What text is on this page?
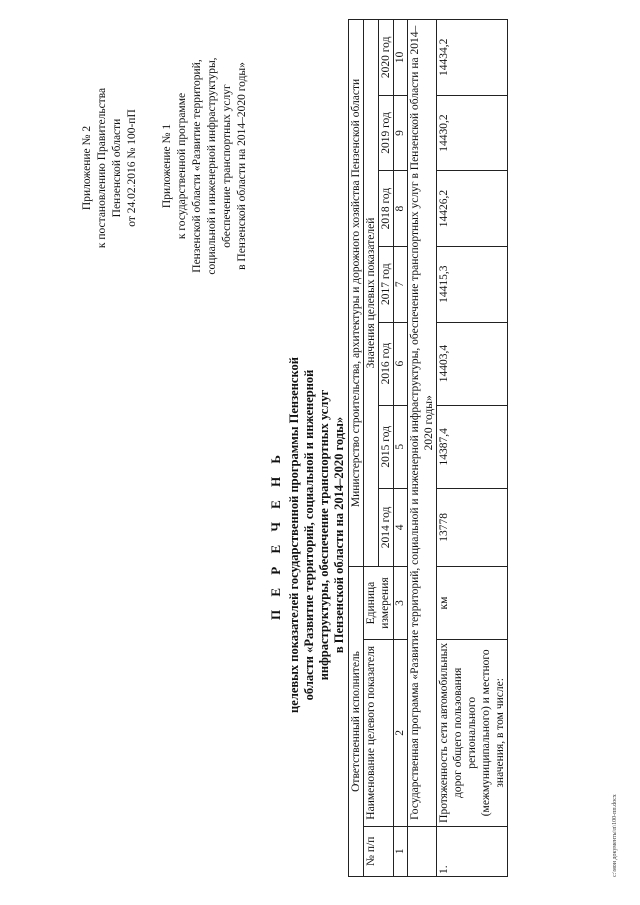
Приложение № 2 к постановлению Правительства Пензенской области от 24.02.2016 № 100-пП Приложение № 1 к государственной программе Пензенской области «Развитие территорий, социальной и инженерной инфраструктуры, обеспечение транспортных услуг в Пензенской области на 2014–2020 годы»
П Е Р Е Ч Е Н Ь целевых показателей государственной программы Пензенской области «Развитие территорий, социальной и инженерной инфраструктуры, обеспечение транспортных услуг в Пензенской области на 2014–2020 годы»
Ответственный исполнитель			Министерство строительства, архитектуры и дорожного хозяйства Пензенской области						
№ п/п	Наименование целевого показателя	Единица измерения	Значения целевых показателей						
			2014 год	2015 год	2016 год	2017 год	2018 год	2019 год	2020 год
1	2	3	4	5	6	7	8	9	10
	Государственная программа «Развитие территорий, социальной и инженерной инфраструктуры, обеспечение транспортных услуг в Пензенской области на 2014–2020 годы»								
1.	Протяженность сети автомобильных дорог общего пользования регионального (межмуниципального) и местного значения, в том числе:	км	13778	14387,4	14403,4	14415,3	14426,2	14430,2	14434,2
c:\мои документы\п\100-пп.docx
